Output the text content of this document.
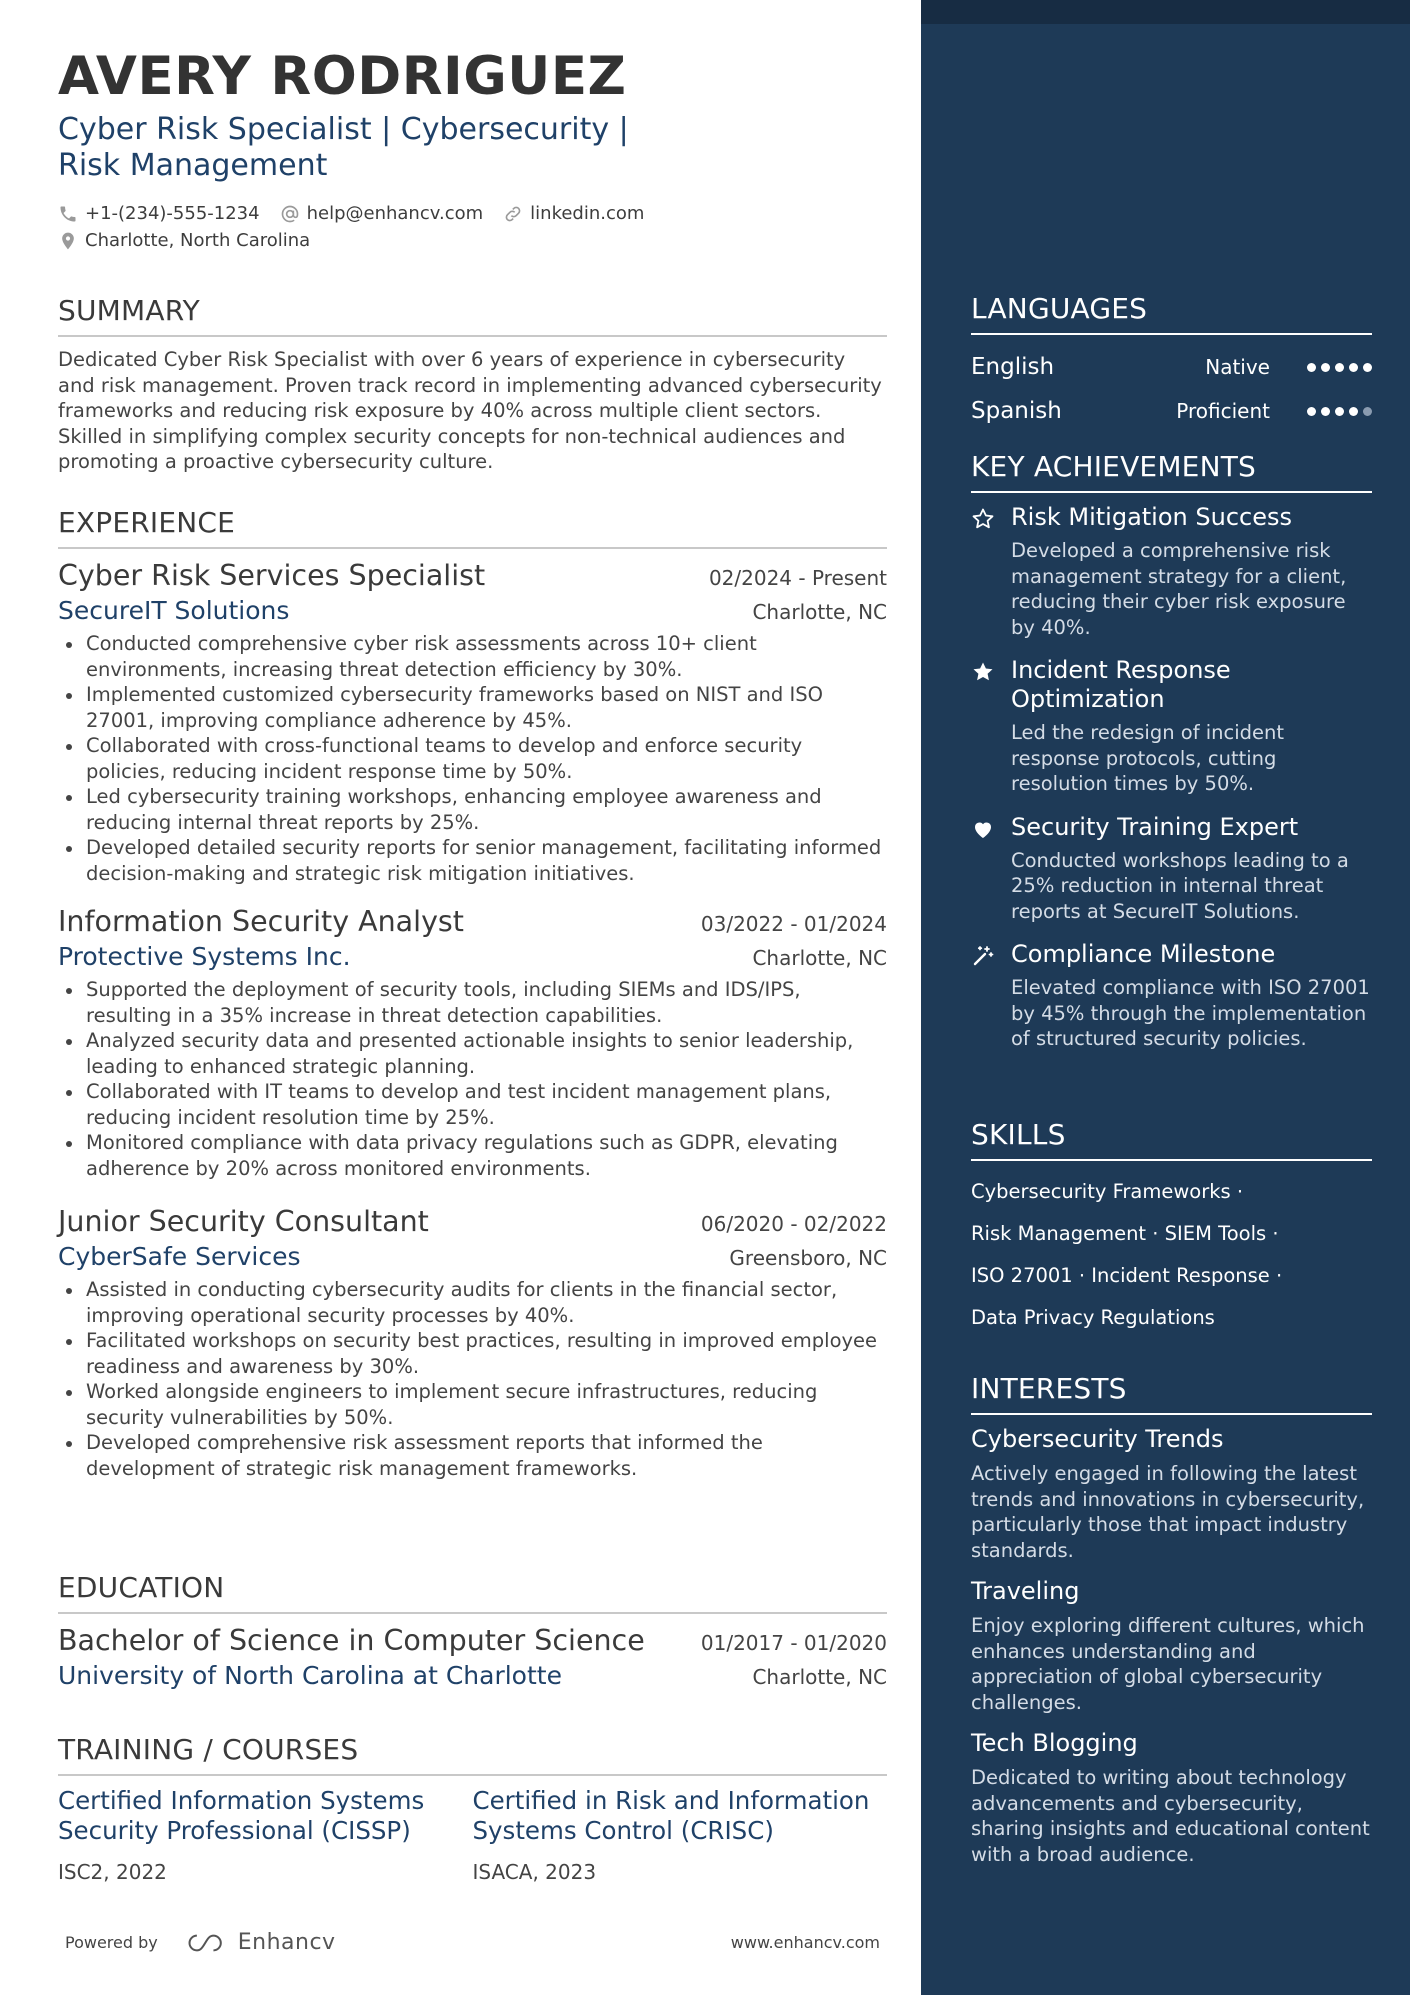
AVERY RODRIGUEZ
Cyber Risk Specialist | Cybersecurity | Risk Management
+1-(234)-555-1234	help@enhancv.com	linkedin.com
Charlotte, North Carolina
SUMMARY
Dedicated Cyber Risk Specialist with over 6 years of experience in cybersecurity and risk management. Proven track record in implementing advanced cybersecurity frameworks and reducing risk exposure by 40% across multiple client sectors. Skilled in simplifying complex security concepts for non-technical audiences and promoting a proactive cybersecurity culture.
EXPERIENCE
Cyber Risk Services Specialist	02/2024 - Present
SecureIT Solutions	Charlotte, NC
Conducted comprehensive cyber risk assessments across 10+ client environments, increasing threat detection efficiency by 30%.
Implemented customized cybersecurity frameworks based on NIST and ISO 27001, improving compliance adherence by 45%.
Collaborated with cross-functional teams to develop and enforce security policies, reducing incident response time by 50%.
Led cybersecurity training workshops, enhancing employee awareness and reducing internal threat reports by 25%.
Developed detailed security reports for senior management, facilitating informed decision-making and strategic risk mitigation initiatives.
Information Security Analyst	03/2022 - 01/2024
Protective Systems Inc.	Charlotte, NC
Supported the deployment of security tools, including SIEMs and IDS/IPS, resulting in a 35% increase in threat detection capabilities.
Analyzed security data and presented actionable insights to senior leadership, leading to enhanced strategic planning.
Collaborated with IT teams to develop and test incident management plans, reducing incident resolution time by 25%.
Monitored compliance with data privacy regulations such as GDPR, elevating adherence by 20% across monitored environments.
Junior Security Consultant	06/2020 - 02/2022
CyberSafe Services	Greensboro, NC
Assisted in conducting cybersecurity audits for clients in the financial sector, improving operational security processes by 40%.
Facilitated workshops on security best practices, resulting in improved employee readiness and awareness by 30%.
Worked alongside engineers to implement secure infrastructures, reducing security vulnerabilities by 50%.
Developed comprehensive risk assessment reports that informed the development of strategic risk management frameworks.
EDUCATION
Bachelor of Science in Computer Science	01/2017 - 01/2020
University of North Carolina at Charlotte	Charlotte, NC
TRAINING / COURSES
Certified Information Systems Security Professional (CISSP)
ISC2, 2022
Certified in Risk and Information Systems Control (CRISC)
ISACA, 2023
Powered by	Enhancv	www.enhancv.com
LANGUAGES
English	Native
Spanish	Proficient
KEY ACHIEVEMENTS
Risk Mitigation Success
Developed a comprehensive risk management strategy for a client, reducing their cyber risk exposure by 40%.
Incident Response Optimization
Led the redesign of incident response protocols, cutting resolution times by 50%.
Security Training Expert
Conducted workshops leading to a 25% reduction in internal threat reports at SecureIT Solutions.
Compliance Milestone
Elevated compliance with ISO 27001 by 45% through the implementation of structured security policies.
SKILLS
Cybersecurity Frameworks ·
Risk Management · SIEM Tools ·
ISO 27001 · Incident Response ·
Data Privacy Regulations
INTERESTS
Cybersecurity Trends
Actively engaged in following the latest trends and innovations in cybersecurity, particularly those that impact industry standards.
Traveling
Enjoy exploring different cultures, which enhances understanding and appreciation of global cybersecurity challenges.
Tech Blogging
Dedicated to writing about technology advancements and cybersecurity, sharing insights and educational content with a broad audience.
